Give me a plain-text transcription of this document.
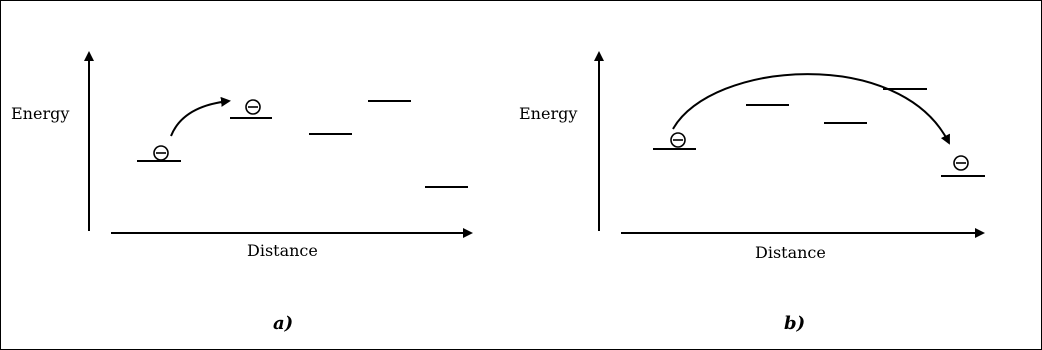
Energy
Distance
a)
Energy
Distance
b)
